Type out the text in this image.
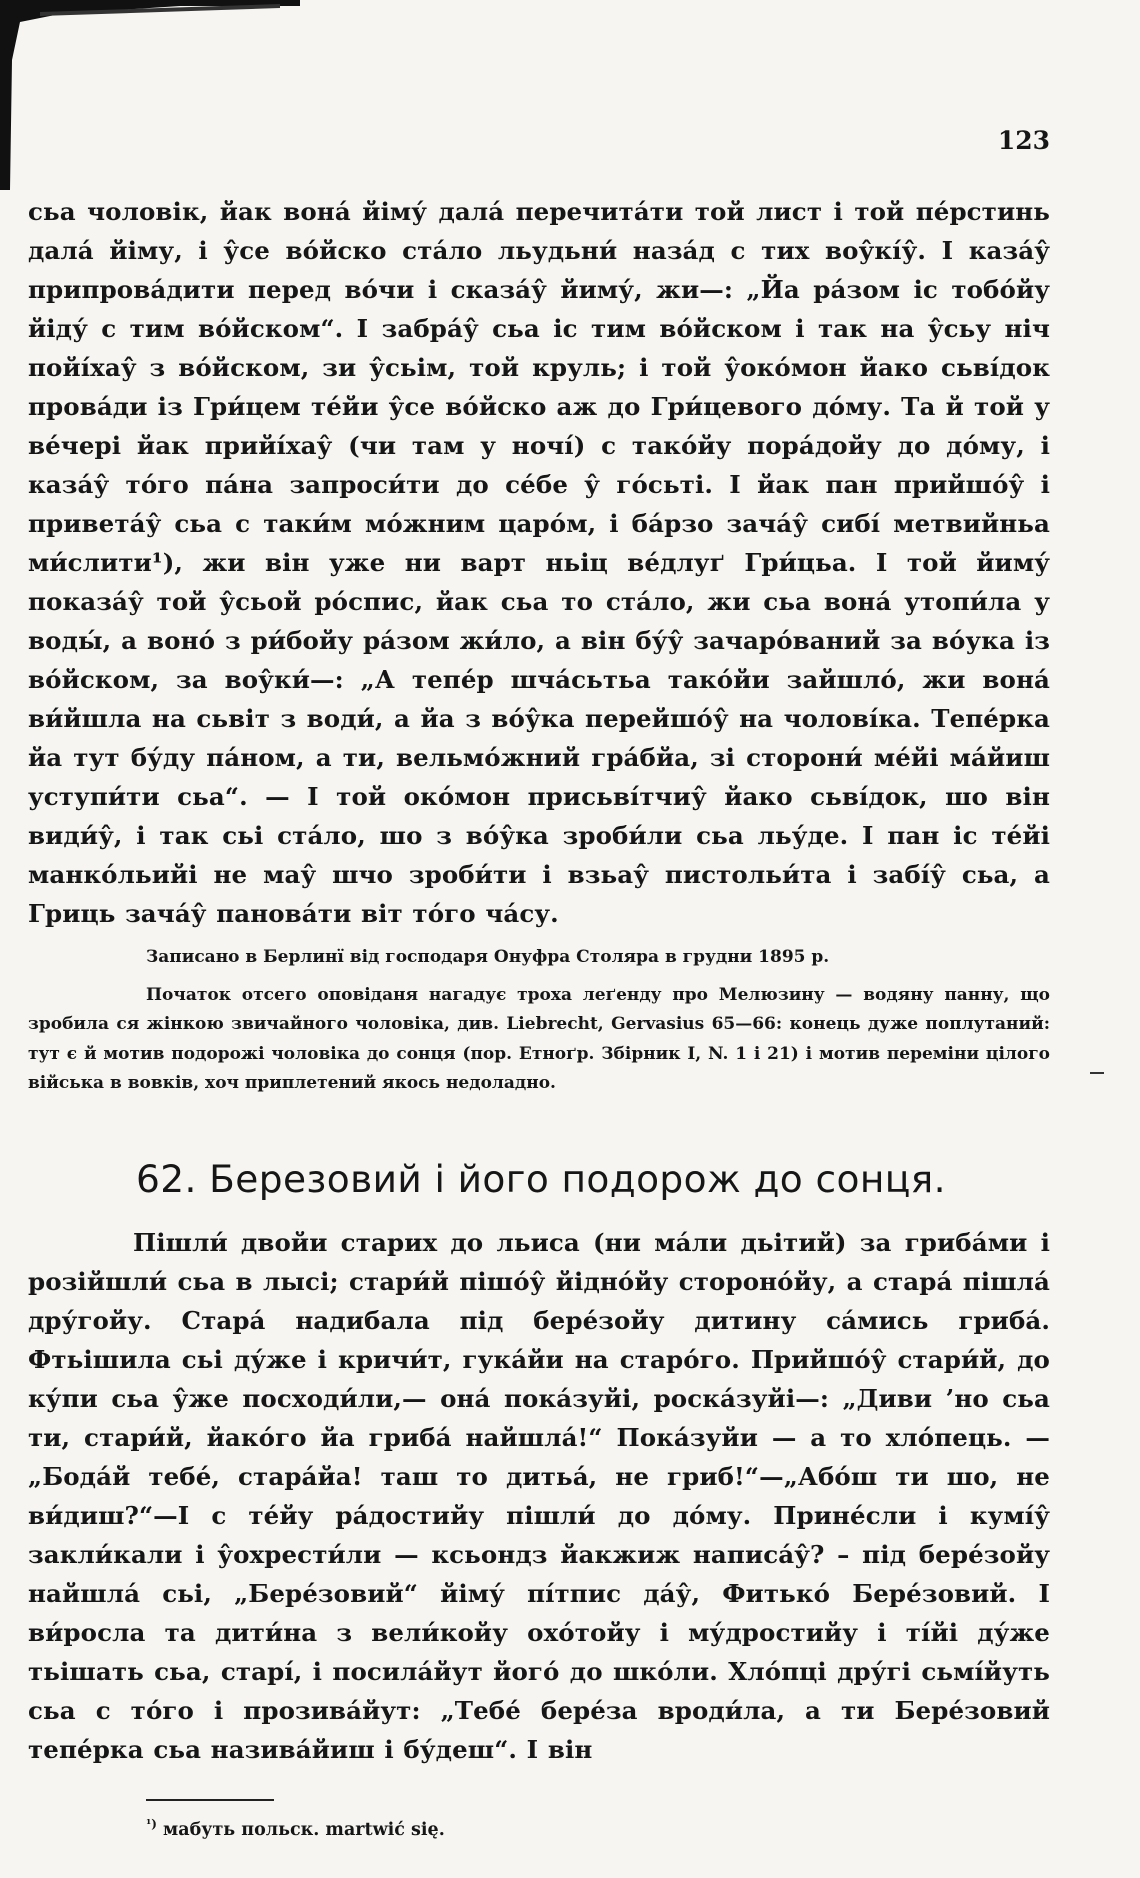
123

сьа чоловік, йак вона́ йіму́ дала́ перечита́ти той лист і той пе́рстинь дала́ йіму, і у̂се во́йско ста́ло льудьни́ наза́д с тих воу̂кі́у̂. І каза́у̂ припрова́дити перед во́чи і сказа́у̂ йиму́, жи—: „Йа ра́зом іс тобо́йу йіду́ с тим во́йском“. І забра́у̂ сьа іс тим во́йском і так на у̂сьу ніч пойі́хау̂ з во́йском, зи у̂сьім, той круль; і той у̂око́мон йако сьві́док прова́ди із Гри́цем те́йи у̂се во́йско аж до Гри́цевого до́му. Та й той у ве́чері йак прийі́хау̂ (чи там у ночі́) с тако́йу пора́дойу до до́му, і каза́у̂ то́го па́на запроси́ти до се́бе у̂ го́сьті. І йак пан прийшо́у̂ і привета́у̂ сьа с таки́м мо́жним царо́м, і ба́рзо зача́у̂ сибі́ метвийньа ми́слити¹), жи він уже ни варт ньіц ве́длуґ Гри́цьа. І той йиму́ показа́у̂ той у̂сьой ро́спис, йак сьа то ста́ло, жи сьа вона́ утопи́ла у воды́, а воно́ з ри́бойу ра́зом жи́ло, а він бу́у̂ зачаро́ваний за во́ука із во́йском, за воу̂ки́—: „А тепе́р шча́сьтьа тако́йи зайшло́, жи вона́ ви́йшла на сьвіт з води́, а йа з во́у̂ка перейшо́у̂ на чолові́ка. Тепе́рка йа тут бу́ду па́ном, а ти, вельмо́жний гра́бйа, зі сторони́ ме́йі ма́йиш уступи́ти сьа“. — І той око́мон присьві́тчиу̂ йако сьві́док, шо він види́у̂, і так сьі ста́ло, шо з во́у̂ка зроби́ли сьа льу́де. І пан іс те́йі манко́льийі не мау̂ шчо зроби́ти і взьау̂ пистольи́та і забі́у̂ сьа, а Гриць зача́у̂ панова́ти віт то́го ча́су.

Записано в Берлинї від господаря Онуфра Столяра в грудни 1895 р.

Початок отсего оповіданя нагадує троха леґенду про Мелюзину — водяну панну, що зробила ся жінкою звичайного чоловіка, див. Liebrecht, Gervasius 65—66: конець дуже поплутаний: тут є й мотив подорожі чоловіка до сонця (пор. Етноґр. Збірник I, N. 1 і 21) і мотив переміни цілого війська в вовків, хоч приплетений якось недоладно.

62. Березовий і його подорож до сонця.

Пішли́ двойи старих до льиса (ни ма́ли дьітий) за гриба́ми і розійшли́ сьа в лысі; стари́й пішо́у̂ йідно́йу стороно́йу, а стара́ пішла́ дру́гойу. Стара́ надибала під бере́зойу дитину са́мись гриба́. Фтьішила сьі ду́же і кричи́т, гука́йи на старо́го. Прийшо́у̂ стари́й, до ку́пи сьа у̂же посходи́ли,— она́ пока́зуйі, роска́зуйі—: „Диви ’но сьа ти, стари́й, йако́го йа гриба́ найшла́!“ Пока́зуйи — а то хло́пець. — „Бода́й тебе́, стара́йа! таш то дитьа́, не гриб!“—„Або́ш ти шо, не ви́диш?“—І с те́йу ра́достийу пішли́ до до́му. Прине́сли і кумі́у̂ закли́кали і у̂охрести́ли — ксьондз йакжиж написа́у̂? – під бере́зойу найшла́ сьі, „Бере́зовий“ йіму́ пі́тпис да́у̂, Фитько́ Бере́зовий. І ви́росла та дити́на з вели́койу охо́тойу і му́дростийу і ті́йі ду́же тьішать сьа, старі́, і посила́йут його́ до шко́ли. Хло́пці дру́гі сьмі́йуть сьа с то́го і прозива́йут: „Тебе́ бере́за вроди́ла, а ти Бере́зовий тепе́рка сьа назива́йиш і бу́деш“. І він

$^{^1)}$ мабуть польск. martwić się.
